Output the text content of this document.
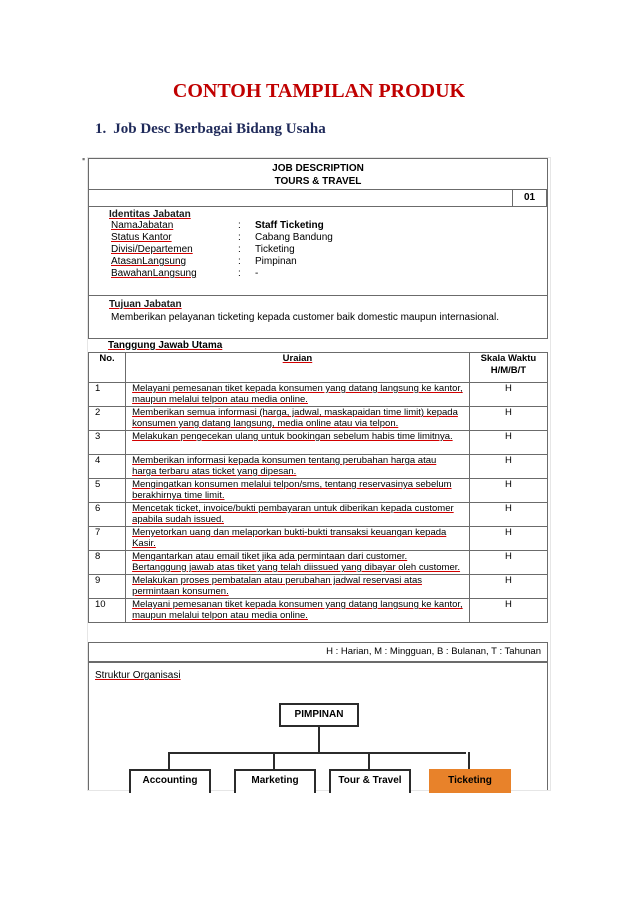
CONTOH TAMPILAN PRODUK
1. Job Desc Berbagai Bidang Usaha
▪
JOB DESCRIPTION
TOURS & TRAVEL
01
Identitas Jabatan
NamaJabatan	:	Staff Ticketing
Status Kantor	:	Cabang Bandung
Divisi/Departemen	:	Ticketing
AtasanLangsung	:	Pimpinan
BawahanLangsung	:	-
Tujuan Jabatan
Memberikan pelayanan ticketing kepada customer baik domestic maupun internasional.
Tanggung Jawab Utama
No.	Uraian	Skala Waktu
H/M/B/T

1	Melayani pemesanan tiket kepada konsumen yang datang langsung ke kantor, maupun melalui telpon atau media online.	H
2	Memberikan semua informasi (harga, jadwal, maskapaidan time limit) kepada konsumen yang datang langsung, media online atau via telpon.	H
3	Melakukan pengecekan ulang untuk bookingan sebelum habis time limitnya.	H
4	Memberikan informasi kepada konsumen tentang perubahan harga atau harga terbaru atas ticket yang dipesan.	H
5	Mengingatkan konsumen melalui telpon/sms, tentang reservasinya sebelum berakhirnya time limit.	H
6	Mencetak ticket, invoice/bukti pembayaran untuk diberikan kepada customer apabila sudah issued.	H
7	Menyetorkan uang dan melaporkan bukti-bukti transaksi keuangan kepada Kasir.	H
8	Mengantarkan atau email tiket jika ada permintaan dari customer. Bertanggung jawab atas tiket yang telah diissued yang dibayar oleh customer.	H
9	Melakukan proses pembatalan atau perubahan jadwal reservasi atas permintaan konsumen.	H
10	Melayani pemesanan tiket kepada konsumen yang datang langsung ke kantor, maupun melalui telpon atau media online.	H
H : Harian, M : Mingguan, B : Bulanan, T : Tahunan
Struktur Organisasi
PIMPINAN
Accounting	Marketing	Tour & Travel	Ticketing
